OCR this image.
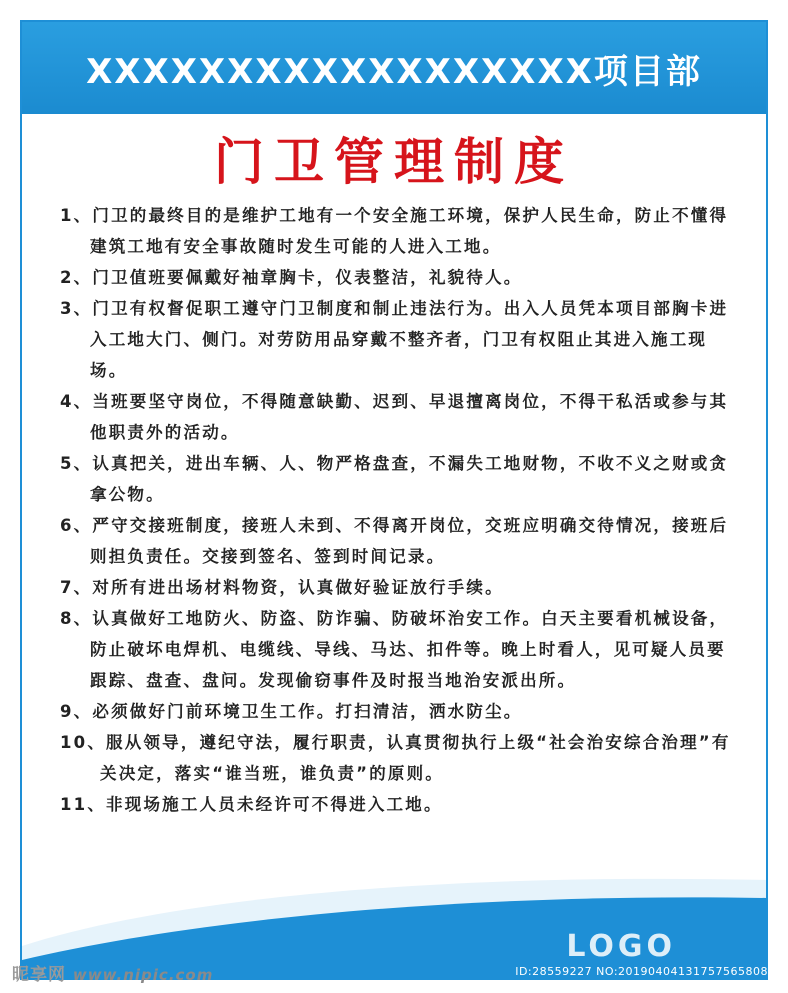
XXXXXXXXXXXXXXXXXX项目部
门卫管理制度
1、门卫的最终目的是维护工地有一个安全施工环境，保护人民生命，防止不懂得建筑工地有安全事故随时发生可能的人进入工地。
2、门卫值班要佩戴好袖章胸卡，仪表整洁，礼貌待人。
3、门卫有权督促职工遵守门卫制度和制止违法行为。出入人员凭本项目部胸卡进入工地大门、侧门。对劳防用品穿戴不整齐者，门卫有权阻止其进入施工现场。
4、当班要坚守岗位，不得随意缺勤、迟到、早退擅离岗位，不得干私活或参与其他职责外的活动。
5、认真把关，进出车辆、人、物严格盘查，不漏失工地财物，不收不义之财或贪拿公物。
6、严守交接班制度，接班人未到、不得离开岗位，交班应明确交待情况，接班后则担负责任。交接到签名、签到时间记录。
7、对所有进出场材料物资，认真做好验证放行手续。
8、认真做好工地防火、防盗、防诈骗、防破坏治安工作。白天主要看机械设备，防止破坏电焊机、电缆线、导线、马达、扣件等。晚上时看人，见可疑人员要跟踪、盘查、盘问。发现偷窃事件及时报当地治安派出所。
9、必须做好门前环境卫生工作。打扫清洁，洒水防尘。
10、服从领导，遵纪守法，履行职责，认真贯彻执行上级“社会治安综合治理”有关决定，落实“谁当班，谁负责”的原则。
11、非现场施工人员未经许可不得进入工地。
LOGO
昵享网 www.nipic.com	ID:28559227 NO:20190404131757565808
